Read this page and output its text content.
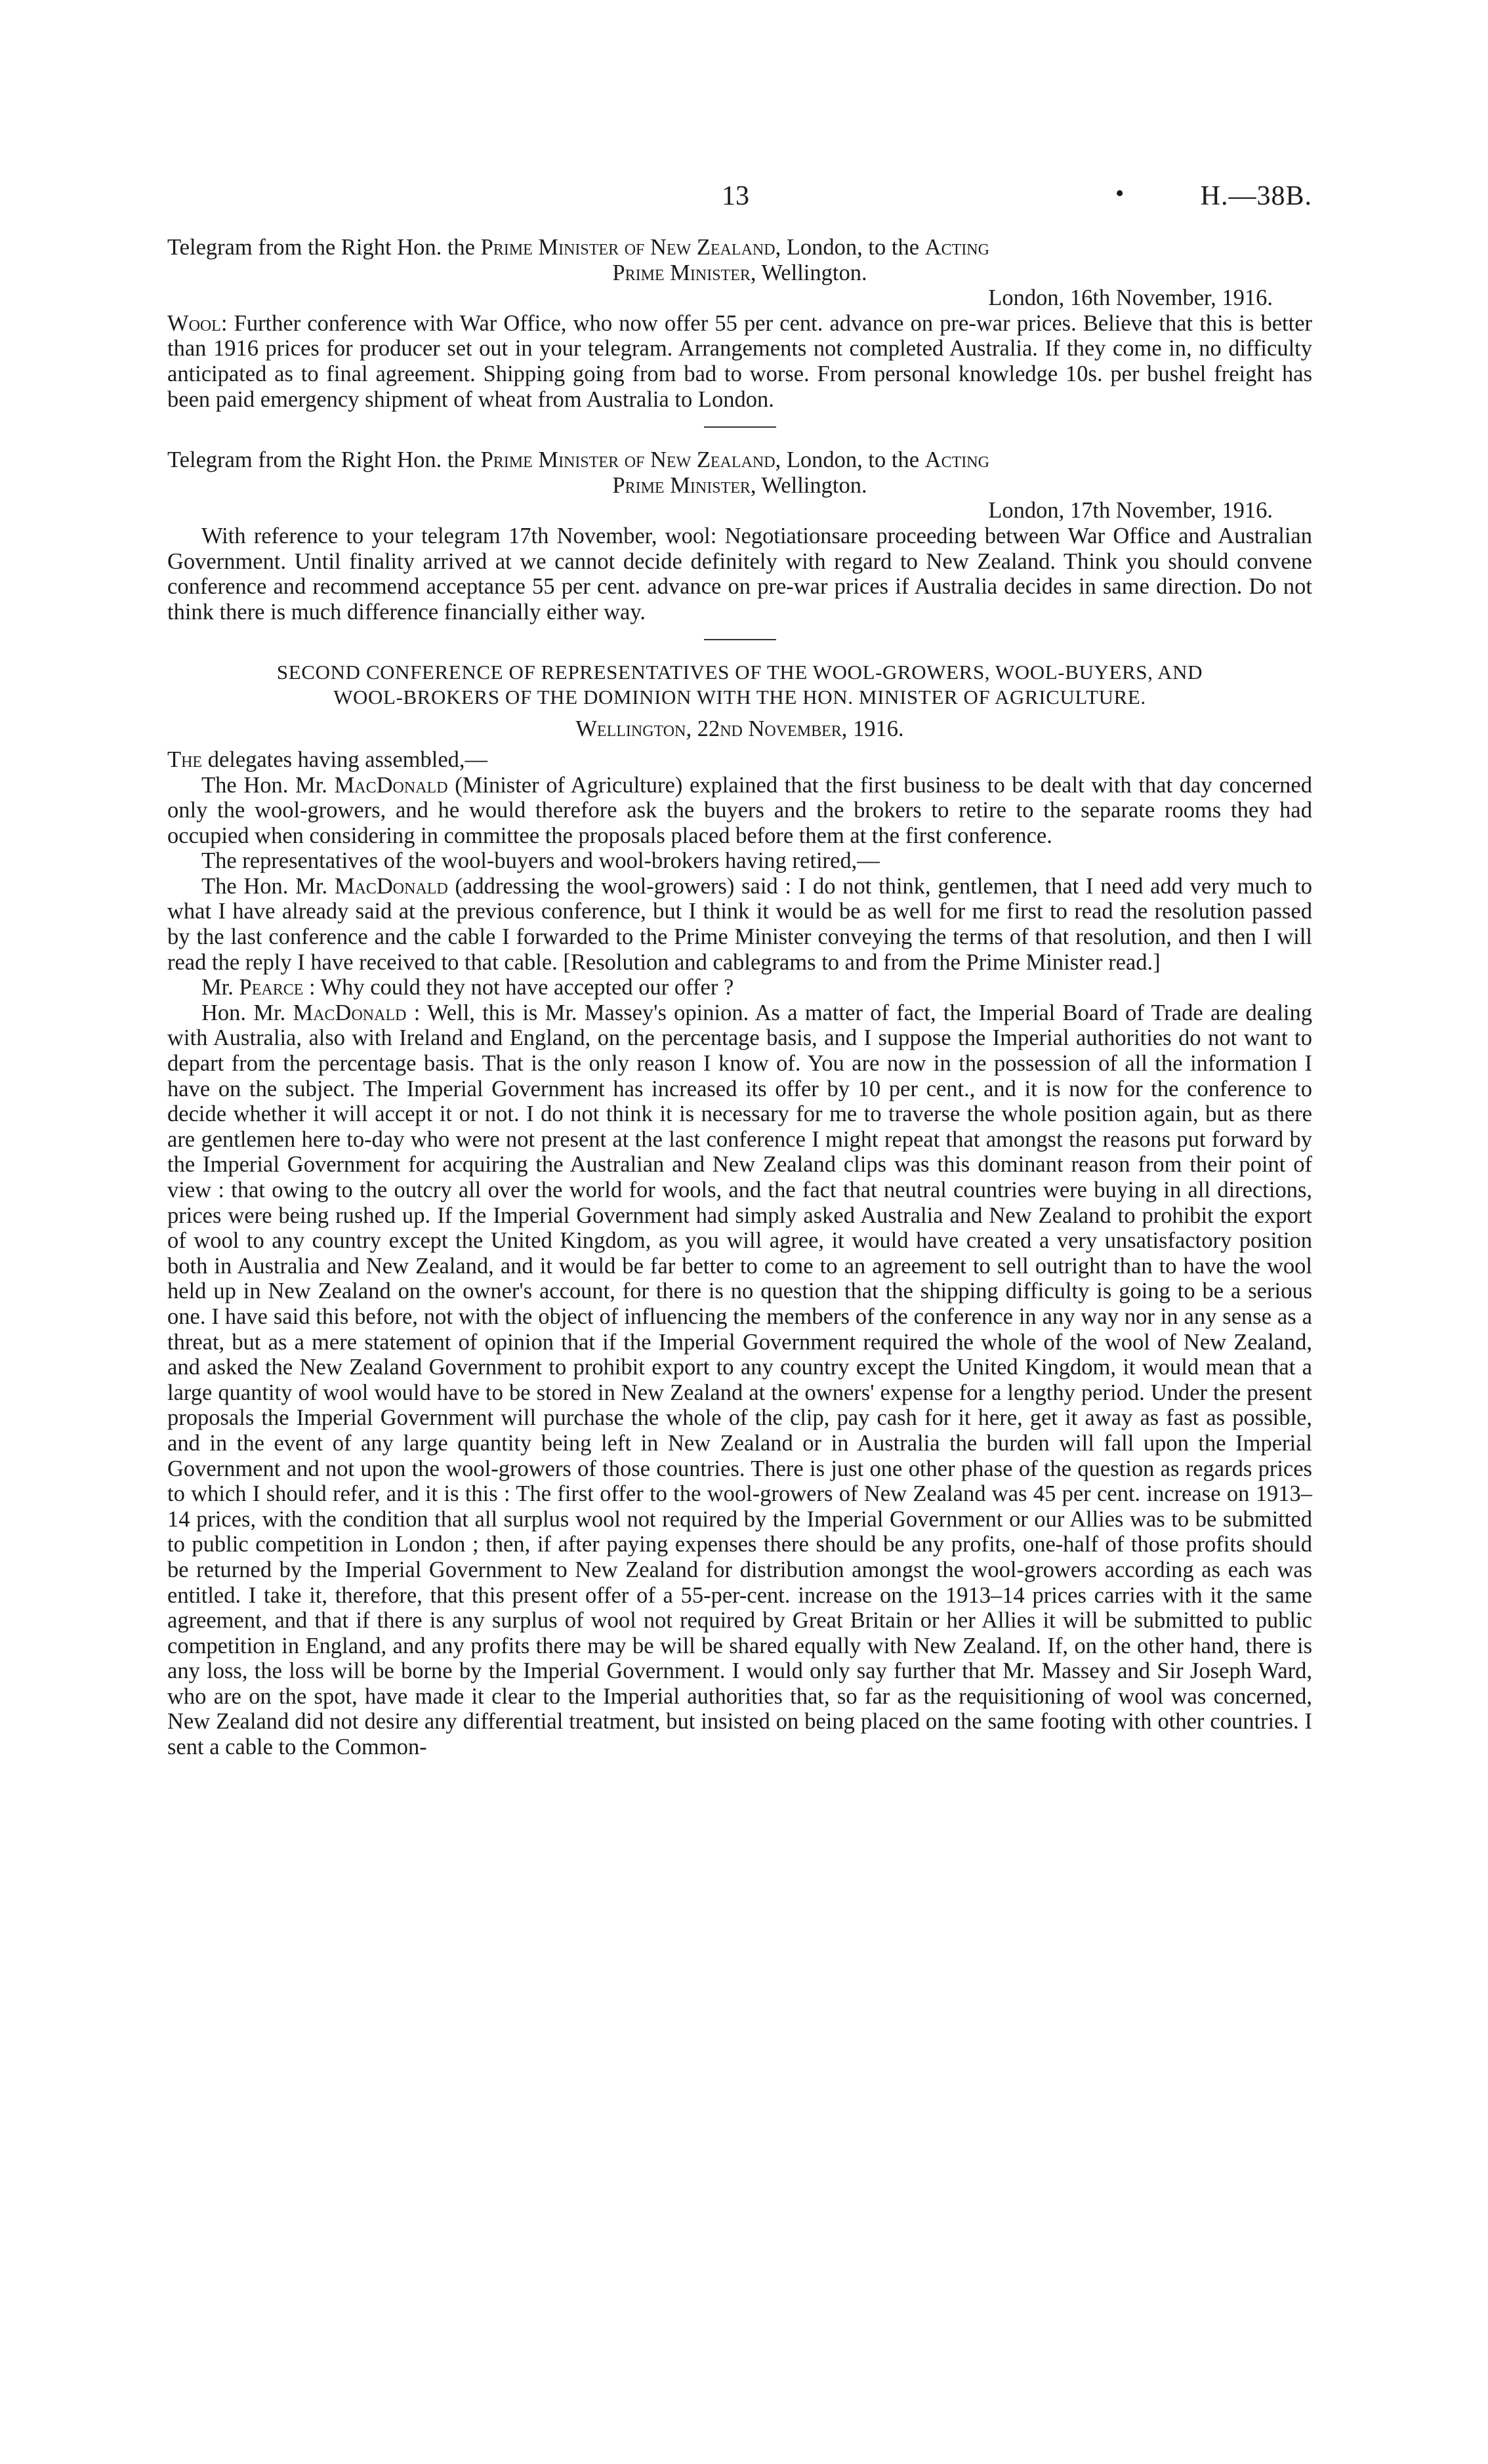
13	•	H.—38B.

Telegram from the Right Hon. the Prime Minister of New Zealand, London, to the Acting

Prime Minister, Wellington.

London, 16th November, 1916.

Wool: Further conference with War Office, who now offer 55 per cent. advance on pre-war prices. Believe that this is better than 1916 prices for producer set out in your telegram. Arrangements not completed Australia. If they come in, no difficulty anticipated as to final agreement. Shipping going from bad to worse. From personal knowledge 10s. per bushel freight has been paid emergency shipment of wheat from Australia to London.

Telegram from the Right Hon. the Prime Minister of New Zealand, London, to the Acting

Prime Minister, Wellington.

London, 17th November, 1916.

With reference to your telegram 17th November, wool: Negotiationsare proceeding between War Office and Australian Government. Until finality arrived at we cannot decide definitely with regard to New Zealand. Think you should convene conference and recommend acceptance 55 per cent. advance on pre-war prices if Australia decides in same direction. Do not think there is much difference financially either way.

SECOND CONFERENCE OF REPRESENTATIVES OF THE WOOL-GROWERS, WOOL-BUYERS, AND

WOOL-BROKERS OF THE DOMINION WITH THE HON. MINISTER OF AGRICULTURE.

Wellington, 22nd November, 1916.

The delegates having assembled,—

The Hon. Mr. MacDonald (Minister of Agriculture) explained that the first business to be dealt with that day concerned only the wool-growers, and he would therefore ask the buyers and the brokers to retire to the separate rooms they had occupied when considering in committee the proposals placed before them at the first conference.

The representatives of the wool-buyers and wool-brokers having retired,—

The Hon. Mr. MacDonald (addressing the wool-growers) said : I do not think, gentlemen, that I need add very much to what I have already said at the previous conference, but I think it would be as well for me first to read the resolution passed by the last conference and the cable I forwarded to the Prime Minister conveying the terms of that resolution, and then I will read the reply I have received to that cable. [Resolution and cablegrams to and from the Prime Minister read.]

Mr. Pearce : Why could they not have accepted our offer ?

Hon. Mr. MacDonald : Well, this is Mr. Massey's opinion. As a matter of fact, the Imperial Board of Trade are dealing with Australia, also with Ireland and England, on the percentage basis, and I suppose the Imperial authorities do not want to depart from the percentage basis. That is the only reason I know of. You are now in the possession of all the information I have on the subject. The Imperial Government has increased its offer by 10 per cent., and it is now for the conference to decide whether it will accept it or not. I do not think it is necessary for me to traverse the whole position again, but as there are gentlemen here to-day who were not present at the last conference I might repeat that amongst the reasons put forward by the Imperial Government for acquiring the Australian and New Zealand clips was this dominant reason from their point of view : that owing to the outcry all over the world for wools, and the fact that neutral countries were buying in all directions, prices were being rushed up. If the Imperial Government had simply asked Australia and New Zealand to prohibit the export of wool to any country except the United Kingdom, as you will agree, it would have created a very unsatisfactory position both in Australia and New Zealand, and it would be far better to come to an agreement to sell outright than to have the wool held up in New Zealand on the owner's account, for there is no question that the shipping difficulty is going to be a serious one. I have said this before, not with the object of influencing the members of the conference in any way nor in any sense as a threat, but as a mere statement of opinion that if the Imperial Government required the whole of the wool of New Zealand, and asked the New Zealand Government to prohibit export to any country except the United Kingdom, it would mean that a large quantity of wool would have to be stored in New Zealand at the owners' expense for a lengthy period. Under the present proposals the Imperial Government will purchase the whole of the clip, pay cash for it here, get it away as fast as possible, and in the event of any large quantity being left in New Zealand or in Australia the burden will fall upon the Imperial Government and not upon the wool-growers of those countries. There is just one other phase of the question as regards prices to which I should refer, and it is this : The first offer to the wool-growers of New Zealand was 45 per cent. increase on 1913–14 prices, with the condition that all surplus wool not required by the Imperial Government or our Allies was to be submitted to public competition in London ; then, if after paying expenses there should be any profits, one-half of those profits should be returned by the Imperial Government to New Zealand for distribution amongst the wool-growers according as each was entitled. I take it, therefore, that this present offer of a 55-per-cent. increase on the 1913–14 prices carries with it the same agreement, and that if there is any surplus of wool not required by Great Britain or her Allies it will be submitted to public competition in England, and any profits there may be will be shared equally with New Zealand. If, on the other hand, there is any loss, the loss will be borne by the Imperial Government. I would only say further that Mr. Massey and Sir Joseph Ward, who are on the spot, have made it clear to the Imperial authorities that, so far as the requisitioning of wool was concerned, New Zealand did not desire any differential treatment, but insisted on being placed on the same footing with other countries. I sent a cable to the Common-
